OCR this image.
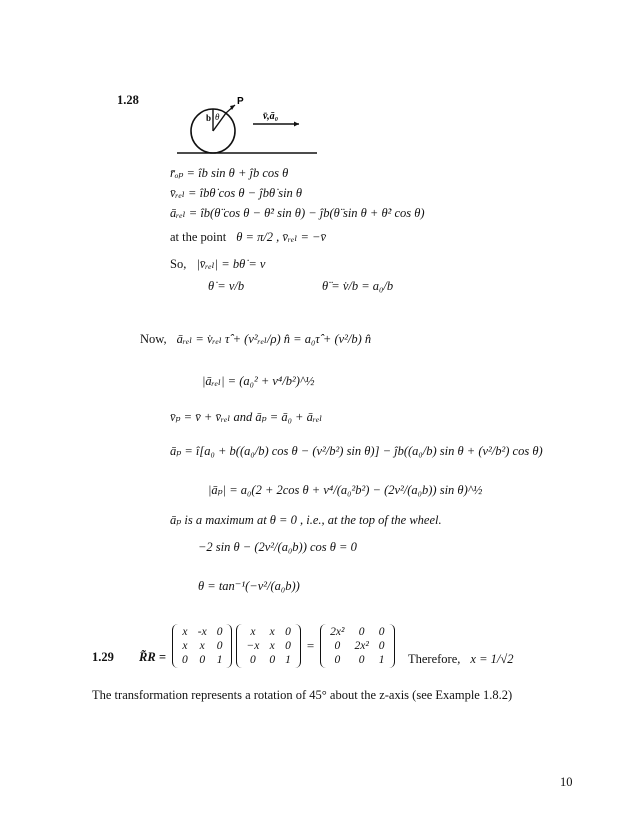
1.28	P
b θ	v̄,ā₀
r̄ₒₚ = îb sin θ + ĵb cos θ
v̄ᵣₑₗ = îbθ̇ cos θ − ĵbθ̇ sin θ
āᵣₑₗ = îb(θ̈ cos θ − θ̇² sin θ) − ĵb(θ̈ sin θ + θ̇² cos θ)
at the point θ = π/2 , v̄ᵣₑₗ = −v̄
So, |v̄ᵣₑₗ| = bθ̇ = v
θ̇ = v/b	θ̈ = v̇/b = a₀/b
Now, āᵣₑₗ = v̇ᵣₑₗ τ̂ + (v²ᵣₑₗ/ρ) n̂ = a₀τ̂ + (v²/b) n̂
|āᵣₑₗ| = (a₀² + v⁴/b²)^½
v̄ₚ = v̄ + v̄ᵣₑₗ and āₚ = ā₀ + āᵣₑₗ
āₚ = î[a₀ + b((a₀/b) cos θ − (v²/b²) sin θ)] − ĵb((a₀/b) sin θ + (v²/b²) cos θ)
|āₚ| = a₀(2 + 2cos θ + v⁴/(a₀²b²) − (2v²/(a₀b)) sin θ)^½
āₚ is a maximum at θ = 0 , i.e., at the top of the wheel.
−2 sin θ − (2v²/(a₀b)) cos θ = 0
θ = tan⁻¹(−v²/(a₀b))
1.29 R̃R =
x	-x	0
x	x	0
0	0	1

x	x	0
−x	x	0
0	0	1
=
2x²	0	0
0	2x²	0
0	0	1 Therefore, x = 1/√2
The transformation represents a rotation of 45° about the z-axis (see Example 1.8.2)
10
